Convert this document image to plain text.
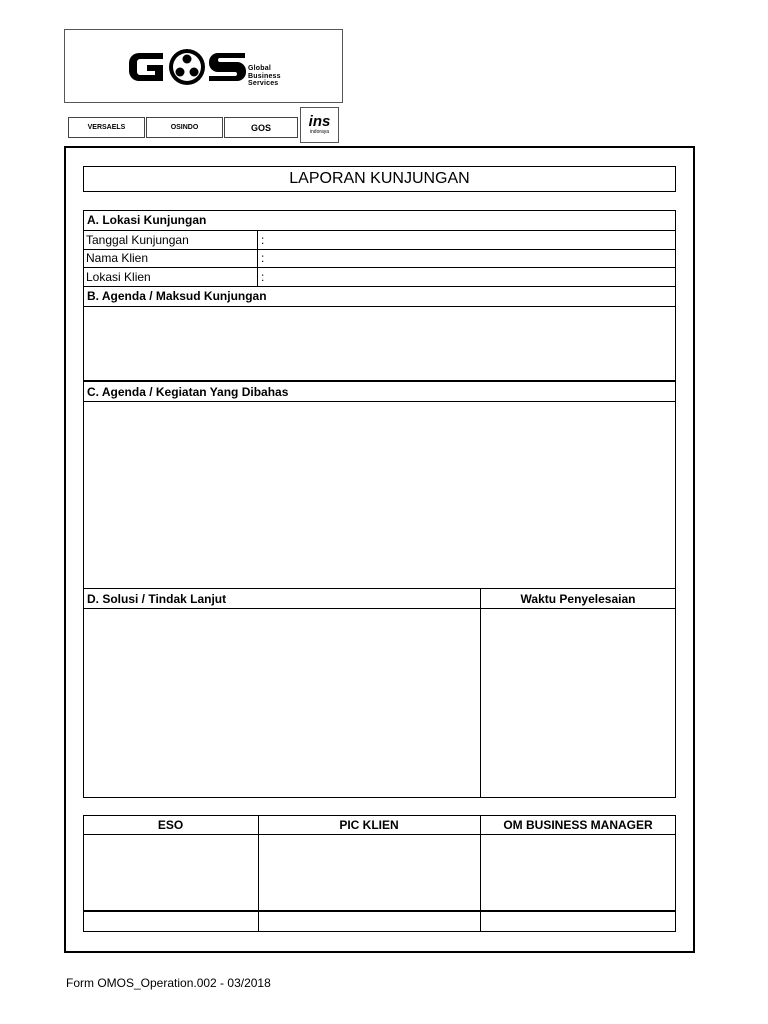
Global
Business
Services
VERSAELS	OSINDO	GOS	ins
indoraya
LAPORAN KUNJUNGAN
A. Lokasi Kunjungan
Tanggal Kunjungan	:
Nama Klien	:
Lokasi Klien	:
B. Agenda / Maksud Kunjungan
C. Agenda / Kegiatan Yang Dibahas
D. Solusi / Tindak Lanjut	Waktu Penyelesaian
ESO	PIC KLIEN	OM BUSINESS MANAGER
Form OMOS_Operation.002 - 03/2018
